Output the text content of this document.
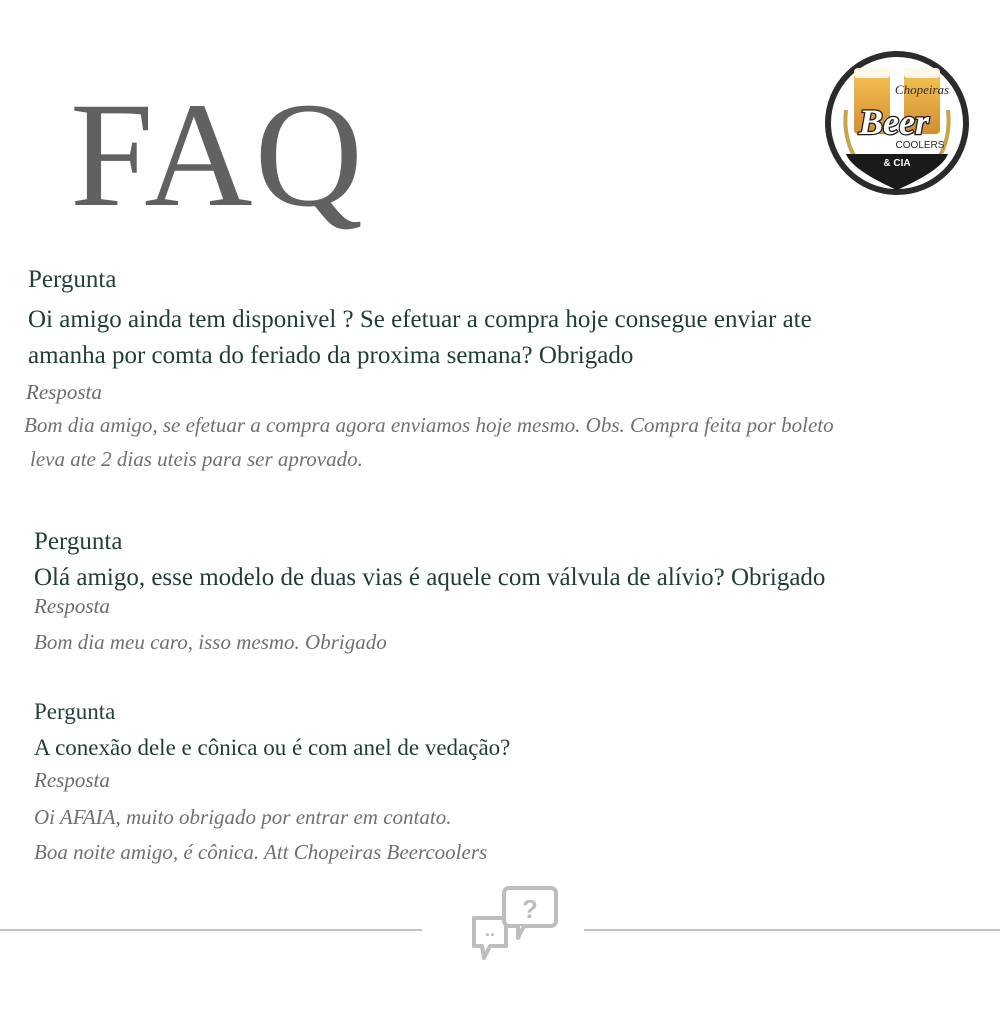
FAQ	Chopeiras
Beer
COOLERS
& CIA
Pergunta
Oi amigo ainda tem disponivel ? Se efetuar a compra hoje consegue enviar ate
amanha por comta do feriado da proxima semana? Obrigado
Resposta
Bom dia amigo, se efetuar a compra agora enviamos hoje mesmo. Obs. Compra feita por boleto
leva ate 2 dias uteis para ser aprovado.
Pergunta
Olá amigo, esse modelo de duas vias é aquele com válvula de alívio? Obrigado
Resposta
Bom dia meu caro, isso mesmo. Obrigado
Pergunta
A conexão dele e cônica ou é com anel de vedação?
Resposta
Oi AFAIA, muito obrigado por entrar em contato.
Boa noite amigo, é cônica. Att Chopeiras Beercoolers
?
..
